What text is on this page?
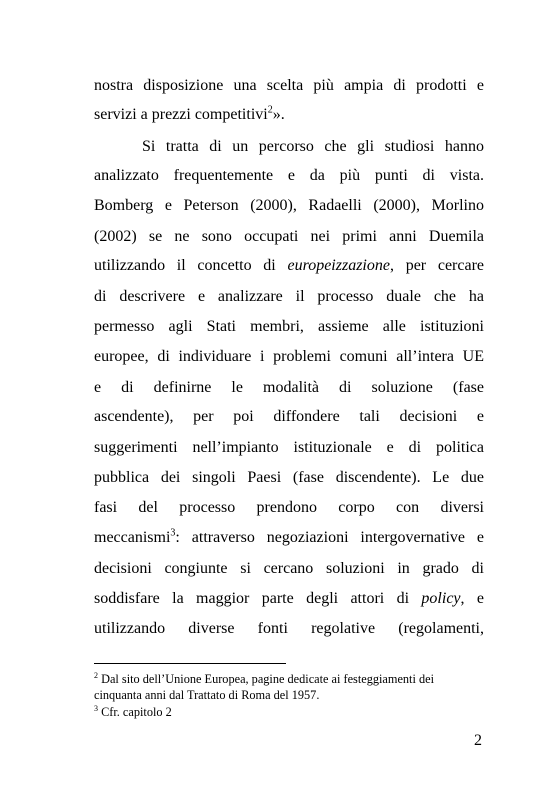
nostra disposizione una scelta più ampia di prodotti e
servizi a prezzi competitivi$^2$».
Si tratta di un percorso che gli studiosi hanno
analizzato frequentemente e da più punti di vista.
Bomberg e Peterson (2000), Radaelli (2000), Morlino
(2002) se ne sono occupati nei primi anni Duemila
utilizzando il concetto di europeizzazione, per cercare
di descrivere e analizzare il processo duale che ha
permesso agli Stati membri, assieme alle istituzioni
europee, di individuare i problemi comuni all’intera UE
e di definirne le modalità di soluzione (fase
ascendente), per poi diffondere tali decisioni e
suggerimenti nell’impianto istituzionale e di politica
pubblica dei singoli Paesi (fase discendente). Le due
fasi del processo prendono corpo con diversi
meccanismi$^3$: attraverso negoziazioni intergovernative e
decisioni congiunte si cercano soluzioni in grado di
soddisfare la maggior parte degli attori di policy, e
utilizzando diverse fonti regolative (regolamenti,
$^2$ Dal sito dell’Unione Europea, pagine dedicate ai festeggiamenti dei
cinquanta anni dal Trattato di Roma del 1957.
$^3$ Cfr. capitolo 2
2
